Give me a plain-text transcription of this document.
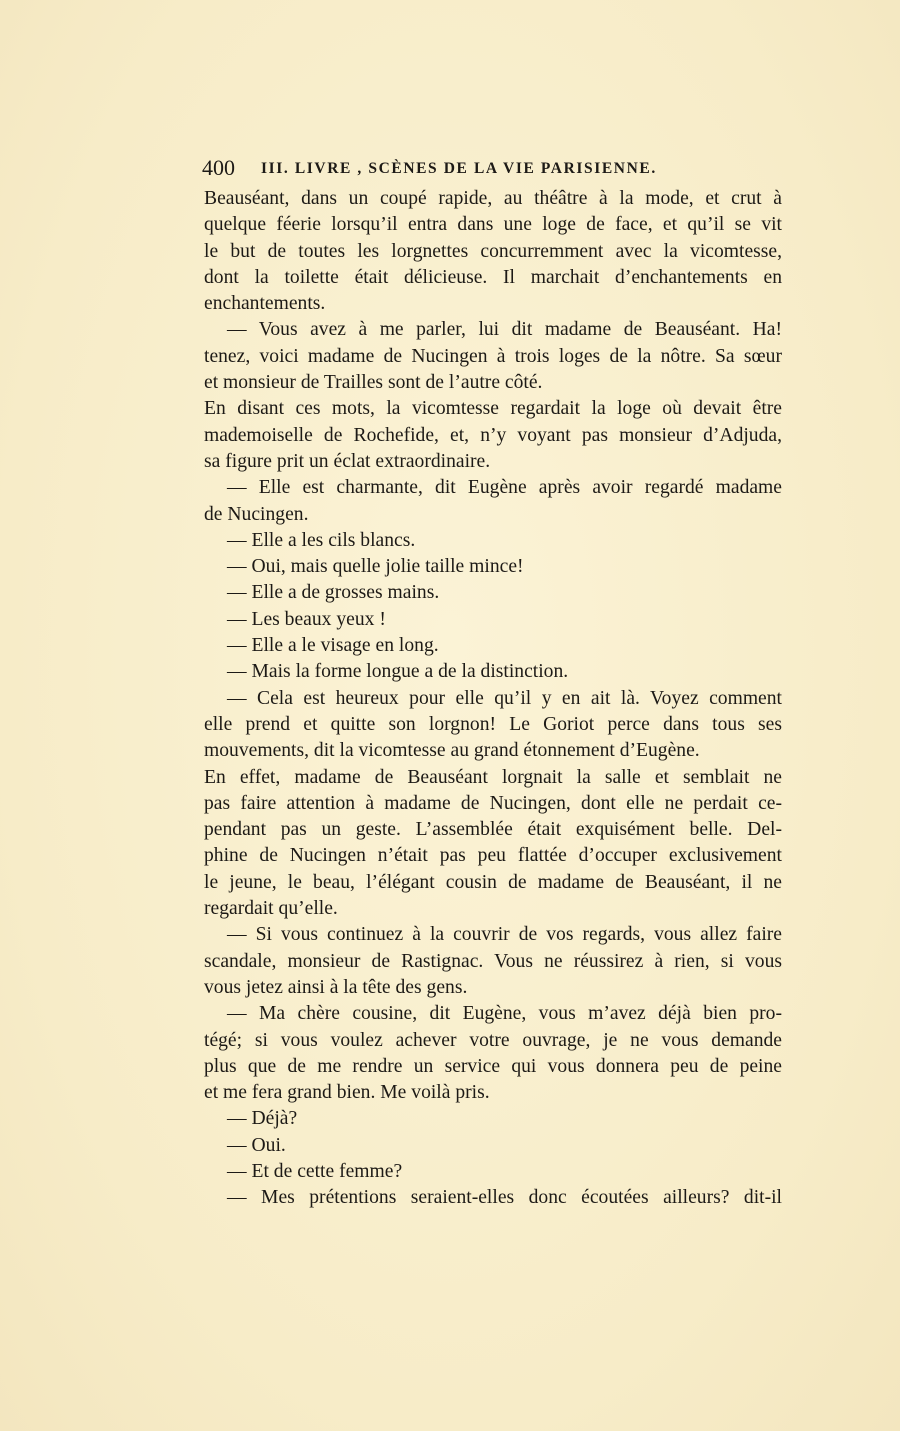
400 III. LIVRE , SCÈNES DE LA VIE PARISIENNE.
Beauséant, dans un coupé rapide, au théâtre à la mode, et crut à
quelque féerie lorsqu’il entra dans une loge de face, et qu’il se vit
le but de toutes les lorgnettes concurremment avec la vicomtesse,
dont la toilette était délicieuse. Il marchait d’enchantements en
enchantements.
— Vous avez à me parler, lui dit madame de Beauséant. Ha!
tenez, voici madame de Nucingen à trois loges de la nôtre. Sa sœur
et monsieur de Trailles sont de l’autre côté.
En disant ces mots, la vicomtesse regardait la loge où devait être
mademoiselle de Rochefide, et, n’y voyant pas monsieur d’Adjuda,
sa figure prit un éclat extraordinaire.
— Elle est charmante, dit Eugène après avoir regardé madame
de Nucingen.
— Elle a les cils blancs.
— Oui, mais quelle jolie taille mince!
— Elle a de grosses mains.
— Les beaux yeux !
— Elle a le visage en long.
— Mais la forme longue a de la distinction.
— Cela est heureux pour elle qu’il y en ait là. Voyez comment
elle prend et quitte son lorgnon! Le Goriot perce dans tous ses
mouvements, dit la vicomtesse au grand étonnement d’Eugène.
En effet, madame de Beauséant lorgnait la salle et semblait ne
pas faire attention à madame de Nucingen, dont elle ne perdait ce-
pendant pas un geste. L’assemblée était exquisément belle. Del-
phine de Nucingen n’était pas peu flattée d’occuper exclusivement
le jeune, le beau, l’élégant cousin de madame de Beauséant, il ne
regardait qu’elle.
— Si vous continuez à la couvrir de vos regards, vous allez faire
scandale, monsieur de Rastignac. Vous ne réussirez à rien, si vous
vous jetez ainsi à la tête des gens.
— Ma chère cousine, dit Eugène, vous m’avez déjà bien pro-
tégé; si vous voulez achever votre ouvrage, je ne vous demande
plus que de me rendre un service qui vous donnera peu de peine
et me fera grand bien. Me voilà pris.
— Déjà?
— Oui.
— Et de cette femme?
— Mes prétentions seraient-elles donc écoutées ailleurs? dit-il
